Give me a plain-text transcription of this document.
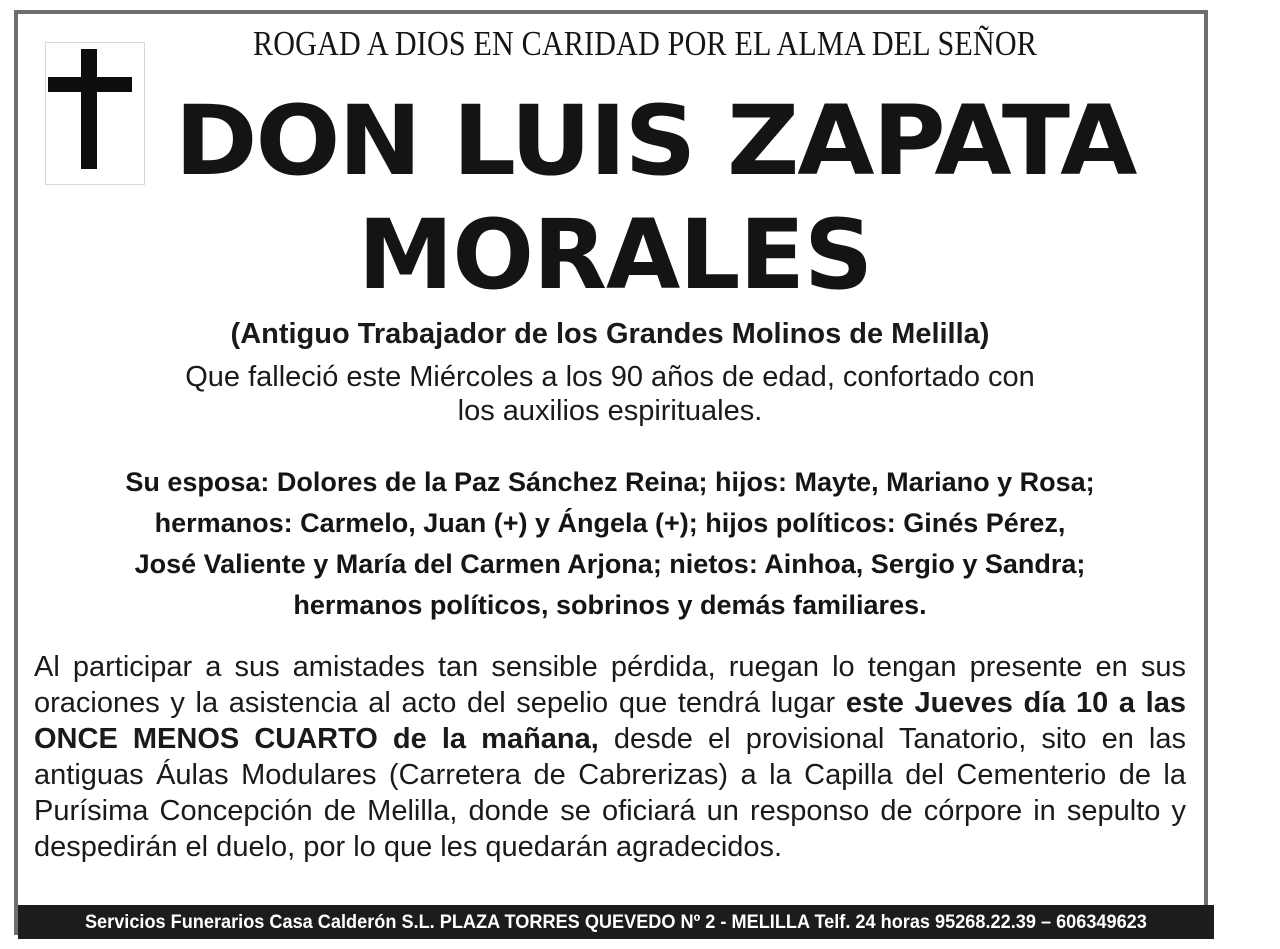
ROGAD A DIOS EN CARIDAD POR EL ALMA DEL SEÑOR
DON LUIS ZAPATA
MORALES
(Antiguo Trabajador de los Grandes Molinos de Melilla)
Que falleció este Miércoles a los 90 años de edad, confortado con
los auxilios espirituales.
Su esposa: Dolores de la Paz Sánchez Reina; hijos: Mayte, Mariano y Rosa;
hermanos: Carmelo, Juan (+) y Ángela (+); hijos políticos: Ginés Pérez,
José Valiente y María del Carmen Arjona; nietos: Ainhoa, Sergio y Sandra;
hermanos políticos, sobrinos y demás familiares.
Al participar a sus amistades tan sensible pérdida, ruegan lo tengan presente en sus oraciones y la asistencia al acto del sepelio que tendrá lugar este Jueves día 10 a las ONCE MENOS CUARTO de la mañana, desde el provisional Tanatorio, sito en las antiguas Áulas Modulares (Carretera de Cabrerizas) a la Capilla del Cementerio de la Purísima Concepción de Melilla, donde se oficiará un responso de córpore in sepulto y despedirán el duelo, por lo que les quedarán agradecidos.
Servicios Funerarios Casa Calderón S.L. PLAZA TORRES QUEVEDO Nº 2 - MELILLA Telf. 24 horas 95268.22.39 – 606349623
